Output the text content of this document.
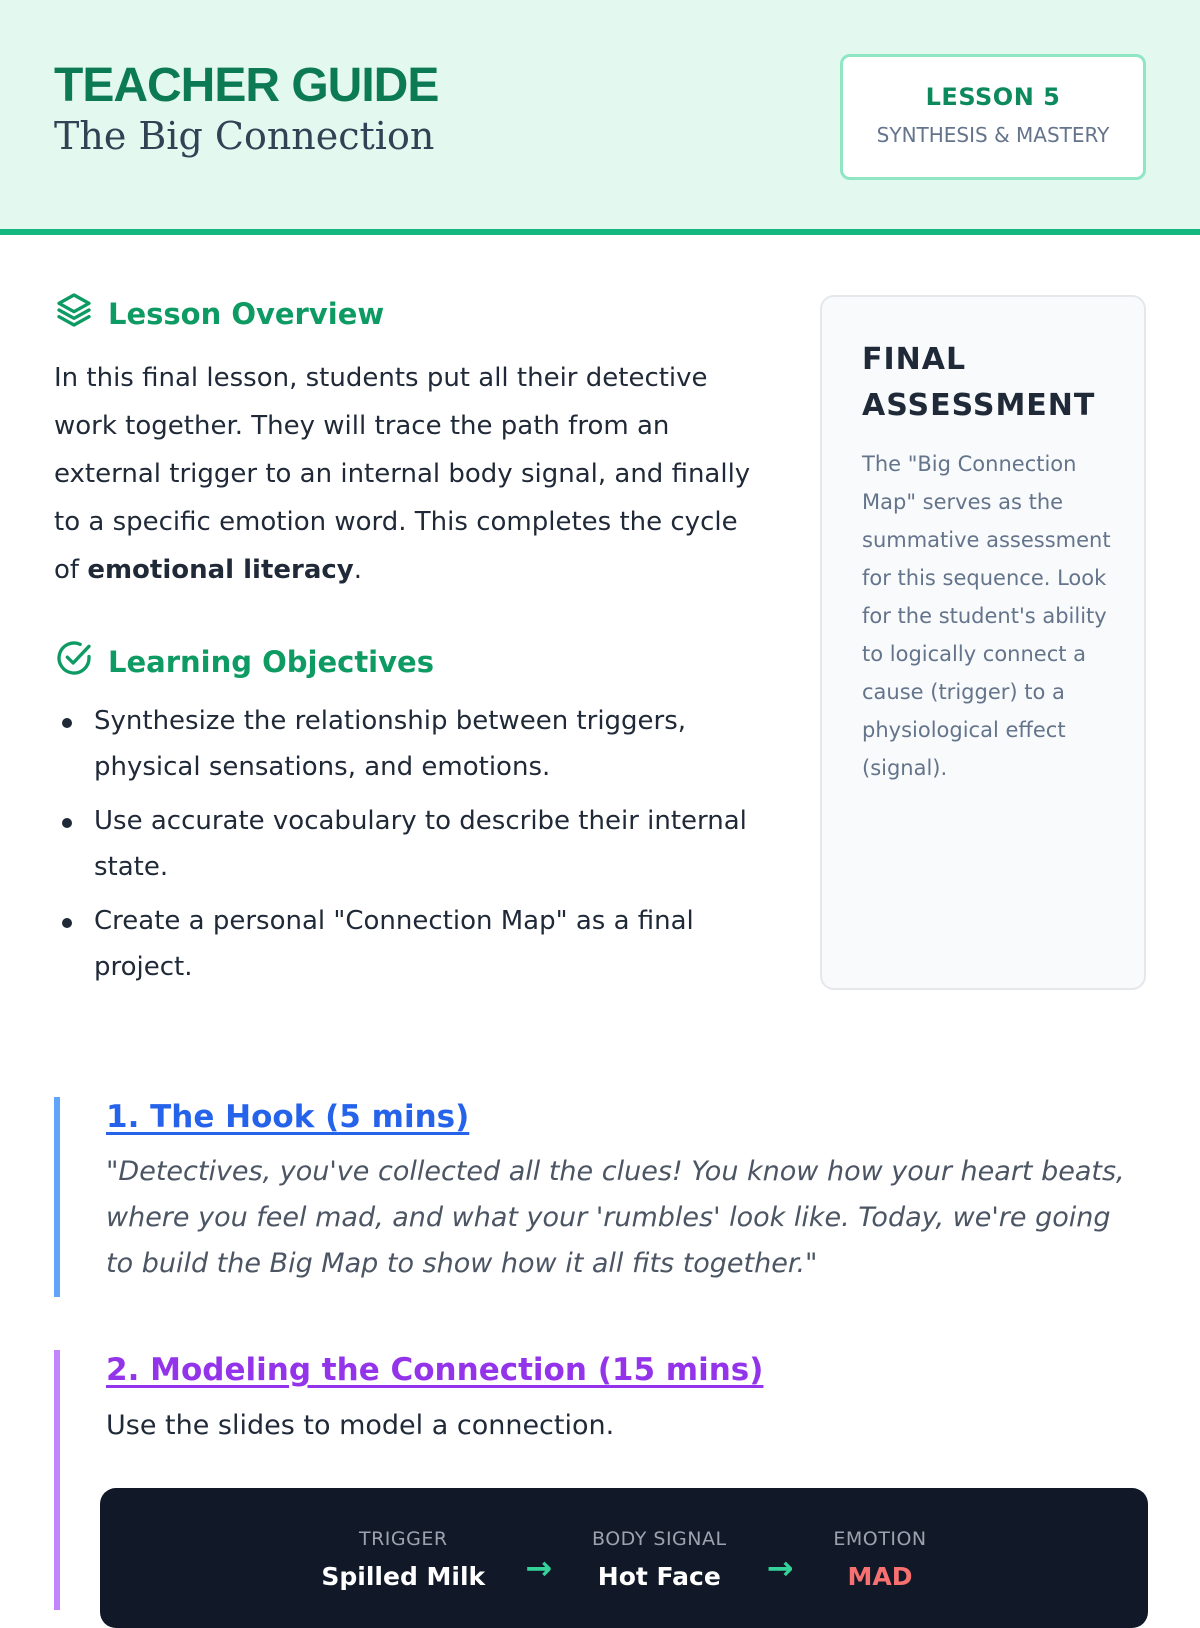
TEACHER GUIDE
The Big Connection
LESSON 5
SYNTHESIS & MASTERY
Lesson Overview
In this final lesson, students put all their detective work together. They will trace the path from an external trigger to an internal body signal, and finally to a specific emotion word. This completes the cycle of emotional literacy.
Learning Objectives
Synthesize the relationship between triggers, physical sensations, and emotions.
Use accurate vocabulary to describe their internal state.
Create a personal "Connection Map" as a final project.
FINAL
ASSESSMENT
The "Big Connection Map" serves as the summative assessment for this sequence. Look for the student's ability to logically connect a cause (trigger) to a physiological effect (signal).
1. The Hook (5 mins)
"Detectives, you've collected all the clues! You know how your heart beats, where you feel mad, and what your 'rumbles' look like. Today, we're going to build the Big Map to show how it all fits together."
2. Modeling the Connection (15 mins)
Use the slides to model a connection.
TRIGGER
Spilled Milk →
BODY SIGNAL
Hot Face →
EMOTION
MAD
